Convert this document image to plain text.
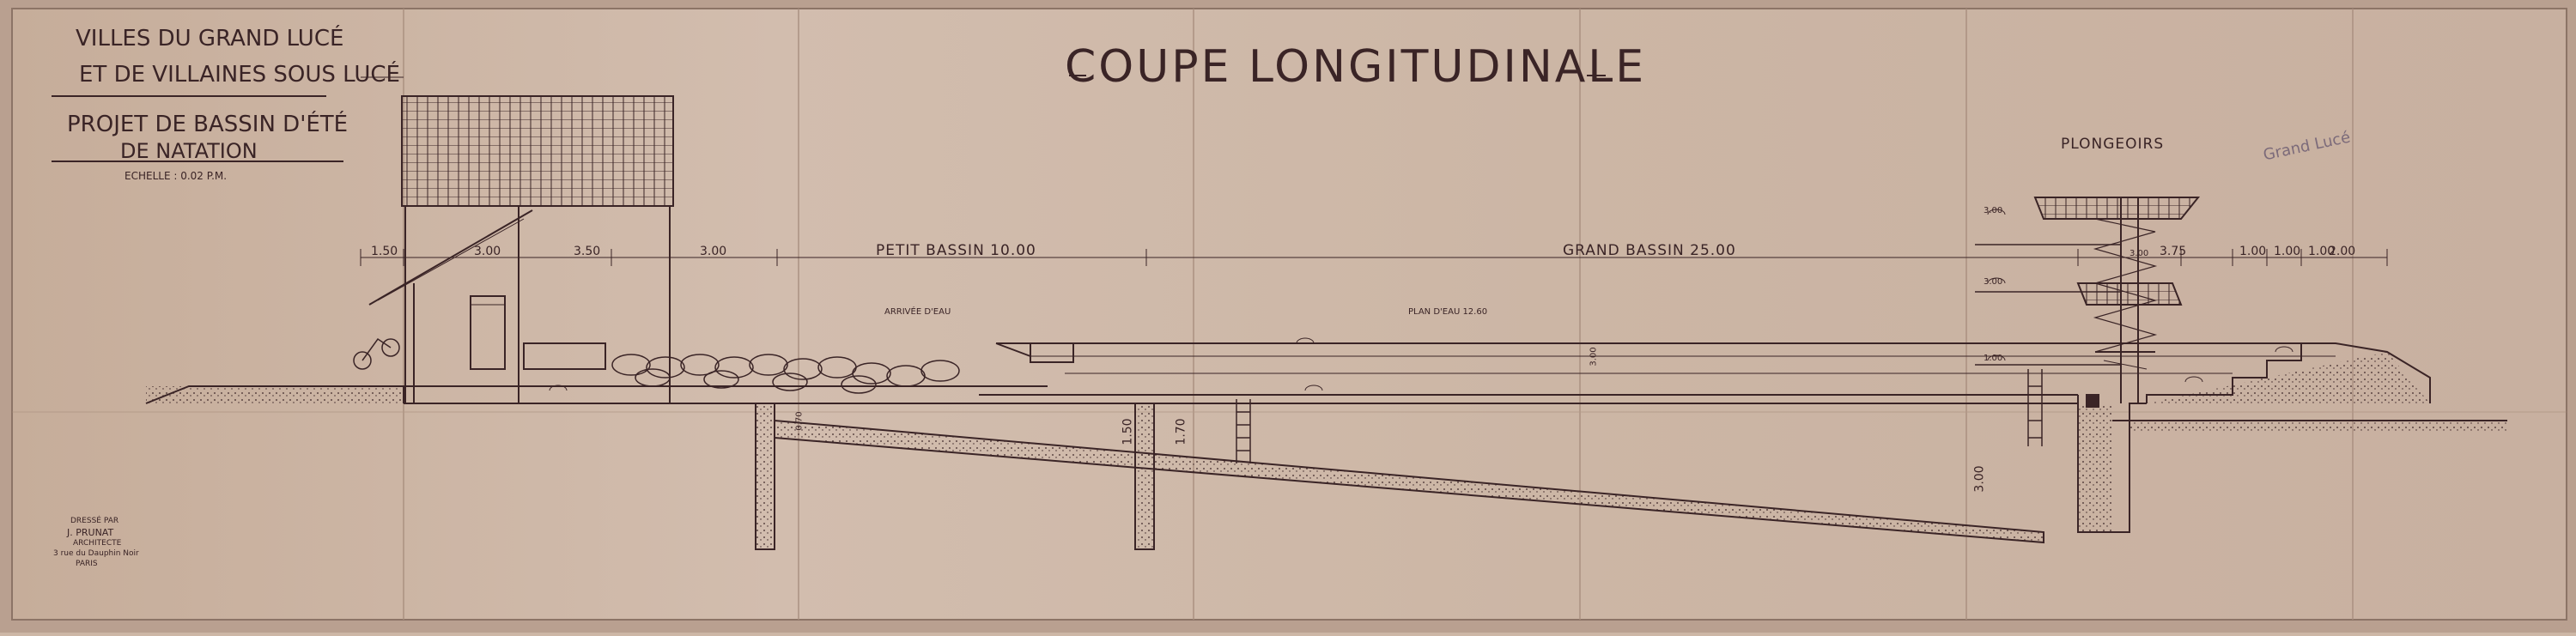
VILLES DU GRAND LUCÉ
ET DE VILLAINES SOUS LUCÉ
PROJET DE BASSIN D'ÉTÉ
DE NATATION
ECHELLE : 0.02 P.M.
COUPE LONGITUDINALE
PETIT BASSIN 10.00	GRAND BASSIN 25.00
PLONGEOIRS
ARRIVÉE D'EAU	PLAN D'EAU 12.60
1.50	3.00	3.50	3.00	3.75	1.00 1.00 1.00
2.00
1.50	1.70
3.00
0.70
3.00
3.00
3.00
1.00
3.00
DRESSÉ PAR
J. PRUNAT
ARCHITECTE
3 rue du Dauphin Noir
PARIS
Grand Lucé
